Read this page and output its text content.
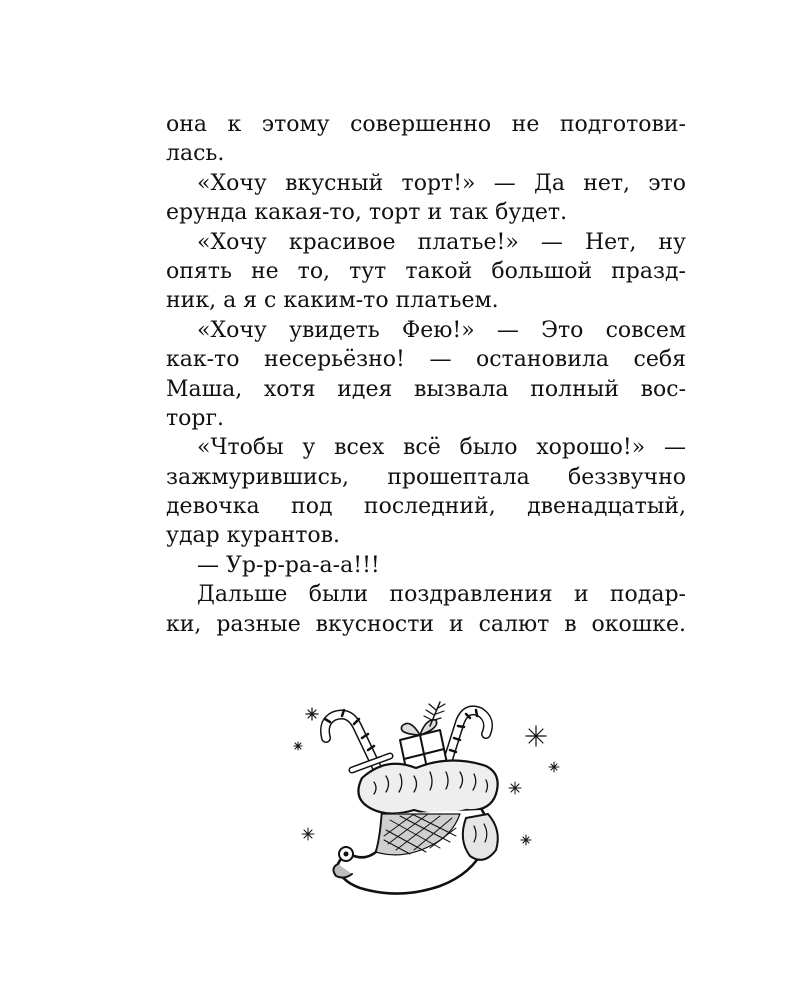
она к этому совершенно не подготови-
лась.
«Хочу вкусный торт!» — Да нет, это
ерунда какая-то, торт и так будет.
«Хочу красивое платье!» — Нет, ну
опять не то, тут такой большой празд-
ник, а я с каким-то платьем.
«Хочу увидеть Фею!» — Это совсем
как-то несерьёзно! — остановила себя
Маша, хотя идея вызвала полный вос-
торг.
«Чтобы у всех всё было хорошо!» —
зажмурившись, прошептала беззвучно
девочка под последний, двенадцатый,
удар курантов.
— Ур-р-ра-а-а!!!
Дальше были поздравления и подар-
ки, разные вкусности и салют в окошке.
